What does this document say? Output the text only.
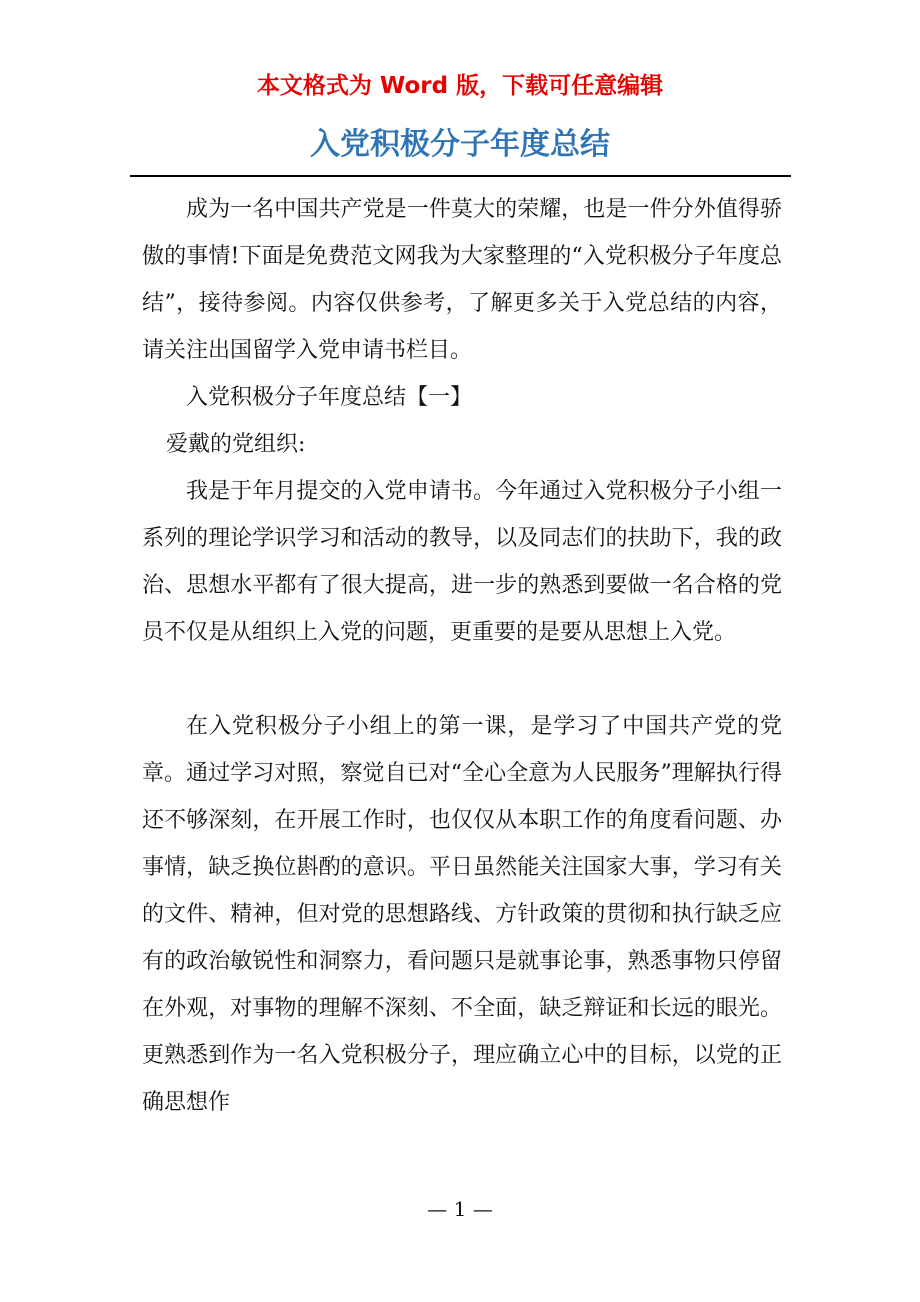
本文格式为 Word 版，下载可任意编辑
入党积极分子年度总结

成为一名中国共产党是一件莫大的荣耀，也是一件分外值得骄傲的事情!下面是免费范文网我为大家整理的“入党积极分子年度总结”，接待参阅。内容仅供参考，了解更多关于入党总结的内容，请关注出国留学入党申请书栏目。

入党积极分子年度总结【一】

爱戴的党组织:

我是于年月提交的入党申请书。今年通过入党积极分子小组一系列的理论学识学习和活动的教导，以及同志们的扶助下，我的政治、思想水平都有了很大提高，进一步的熟悉到要做一名合格的党员不仅是从组织上入党的问题，更重要的是要从思想上入党。

在入党积极分子小组上的第一课，是学习了中国共产党的党章。通过学习对照，察觉自已对“全心全意为人民服务”理解执行得还不够深刻，在开展工作时，也仅仅从本职工作的角度看问题、办事情，缺乏换位斟酌的意识。平日虽然能关注国家大事，学习有关的文件、精神，但对党的思想路线、方针政策的贯彻和执行缺乏应有的政治敏锐性和洞察力，看问题只是就事论事，熟悉事物只停留在外观，对事物的理解不深刻、不全面，缺乏辩证和长远的眼光。更熟悉到作为一名入党积极分子，理应确立心中的目标，以党的正确思想作

— 1 —
